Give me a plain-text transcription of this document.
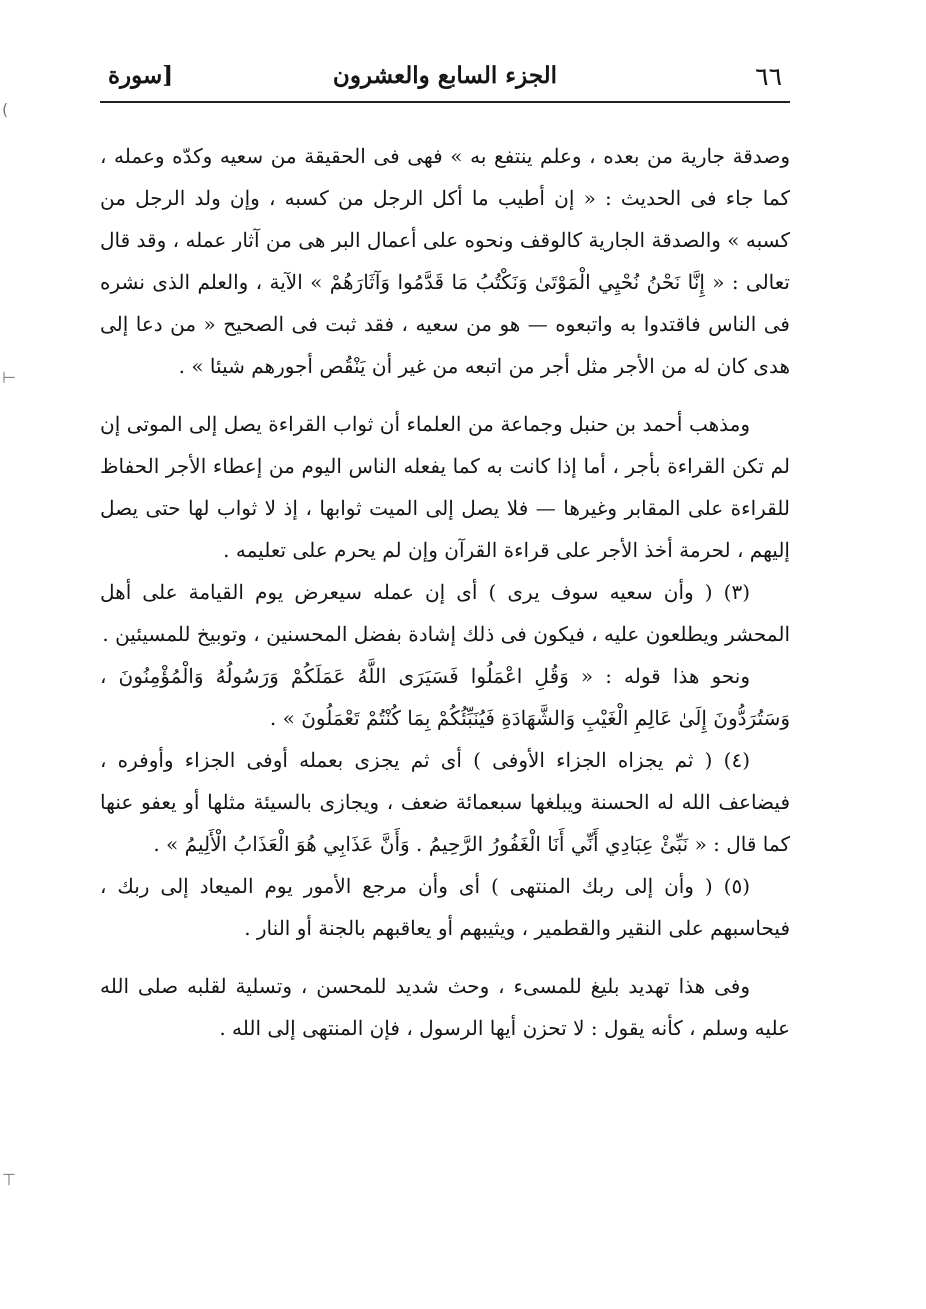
٦٦
الجزء السابع والعشرون
[سورة

وصدقة جارية من بعده ، وعلم ينتفع به » فهى فى الحقيقة من سعيه وكدّه وعمله ، كما جاء فى الحديث : « إن أطيب ما أكل الرجل من كسبه ، وإن ولد الرجل من كسبه » والصدقة الجارية كالوقف ونحوه على أعمال البر هى من آثار عمله ، وقد قال تعالى : « إِنَّا نَحْنُ نُحْيِي الْمَوْتَىٰ وَنَكْتُبُ مَا قَدَّمُوا وَآثَارَهُمْ » الآية ، والعلم الذى نشره فى الناس فاقتدوا به واتبعوه — هو من سعيه ، فقد ثبت فى الصحيح « من دعا إلى هدى كان له من الأجر مثل أجر من اتبعه من غير أن يَنْقُص أجورهم شيئا » .

ومذهب أحمد بن حنبل وجماعة من العلماء أن ثواب القراءة يصل إلى الموتى إن لم تكن القراءة بأجر ، أما إذا كانت به كما يفعله الناس اليوم من إعطاء الأجر الحفاظ للقراءة على المقابر وغيرها — فلا يصل إلى الميت ثوابها ، إذ لا ثواب لها حتى يصل إليهم ، لحرمة أخذ الأجر على قراءة القرآن وإن لم يحرم على تعليمه .

(٣) ( وأن سعيه سوف يرى ) أى إن عمله سيعرض يوم القيامة على أهل المحشر ويطلعون عليه ، فيكون فى ذلك إشادة بفضل المحسنين ، وتوبيخ للمسيئين .

ونحو هذا قوله : « وَقُلِ اعْمَلُوا فَسَيَرَى اللَّهُ عَمَلَكُمْ وَرَسُولُهُ وَالْمُؤْمِنُونَ ، وَسَتُرَدُّونَ إِلَىٰ عَالِمِ الْغَيْبِ وَالشَّهَادَةِ فَيُنَبِّئُكُمْ بِمَا كُنْتُمْ تَعْمَلُونَ » .

(٤) ( ثم يجزاه الجزاء الأوفى ) أى ثم يجزى بعمله أوفى الجزاء وأوفره ، فيضاعف الله له الحسنة ويبلغها سبعمائة ضعف ، ويجازى بالسيئة مثلها أو يعفو عنها كما قال : « نَبِّئْ عِبَادِي أَنِّي أَنَا الْغَفُورُ الرَّحِيمُ . وَأَنَّ عَذَابِي هُوَ الْعَذَابُ الْأَلِيمُ » .

(٥) ( وأن إلى ربك المنتهى ) أى وأن مرجع الأمور يوم الميعاد إلى ربك ، فيحاسبهم على النقير والقطمير ، ويثيبهم أو يعاقبهم بالجنة أو النار .

وفى هذا تهديد بليغ للمسىء ، وحث شديد للمحسن ، وتسلية لقلبه صلى الله عليه وسلم ، كأنه يقول : لا تحزن أيها الرسول ، فإن المنتهى إلى الله .

(
⊢
⊤
